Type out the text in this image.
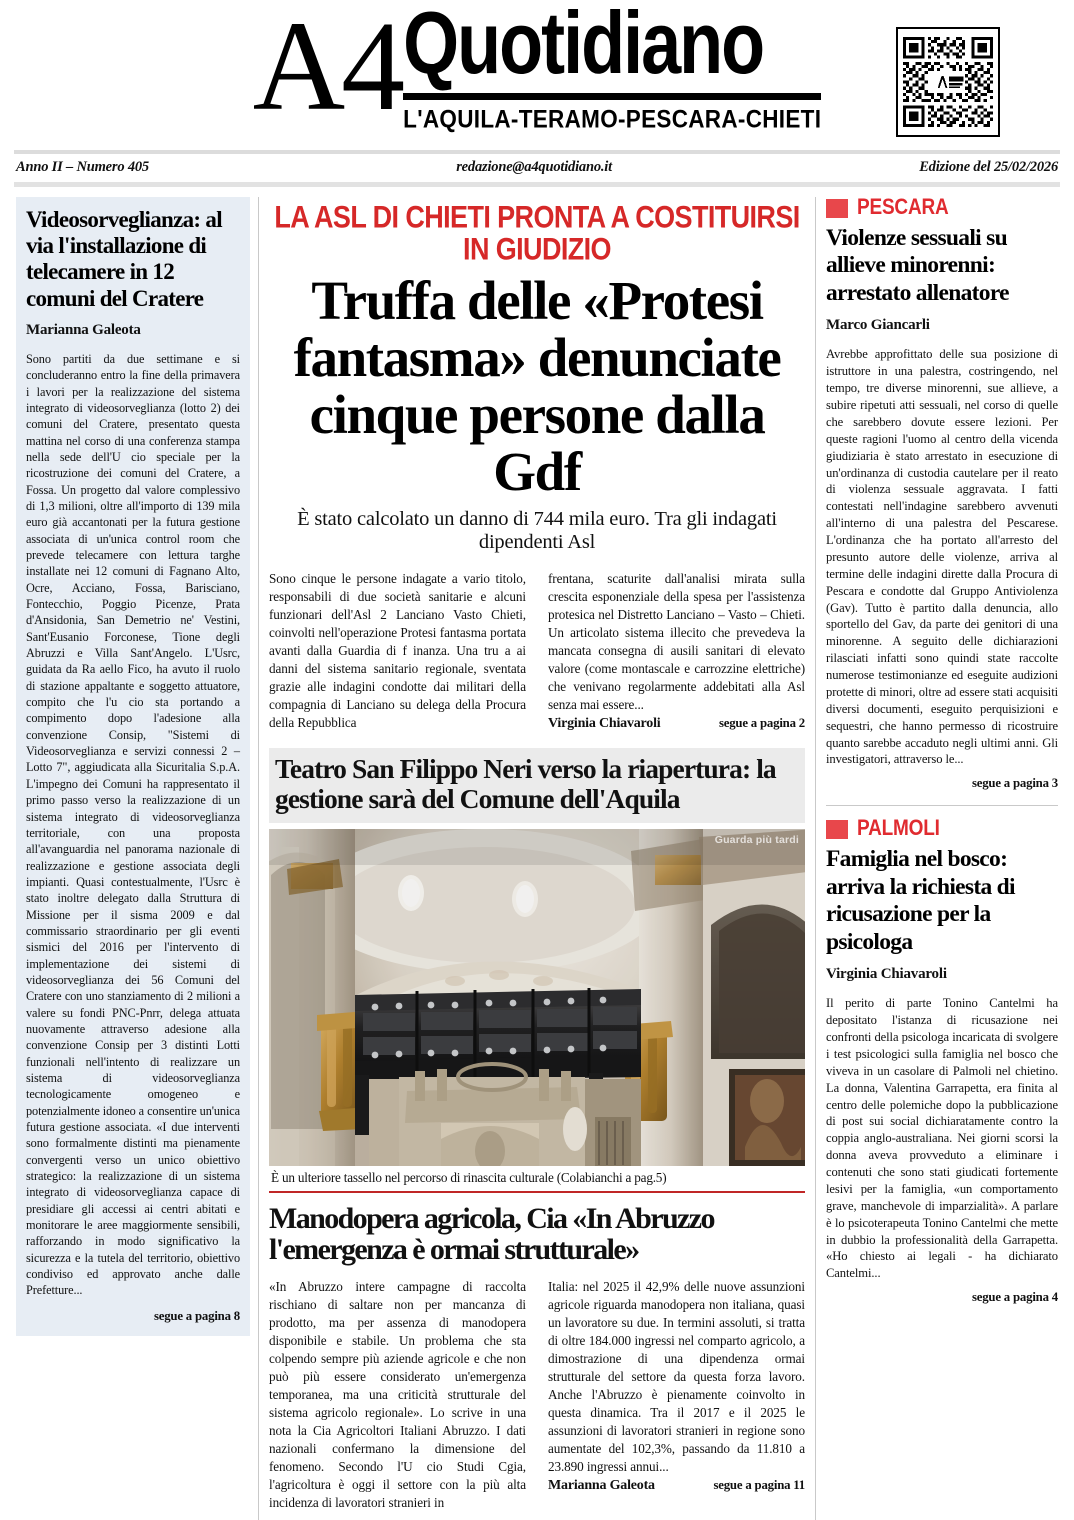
A4 Quotidiano
L'AQUILA-TERAMO-PESCARA-CHIETI
Anno II – Numero 405	redazione@a4quotidiano.it	Edizione del 25/02/2026
Videosorveglianza: al via l'installazione di telecamere in 12 comuni del Cratere
Marianna Galeota
Sono partiti da due settimane e si concluderanno entro la fine della primavera i lavori per la realizzazione del sistema integrato di videosorveglianza (lotto 2) dei comuni del Cratere, presentato questa mattina nel corso di una conferenza stampa nella sede dell'U cio speciale per la ricostruzione dei comuni del Cratere, a Fossa. Un progetto dal valore complessivo di 1,3 milioni, oltre all'importo di 139 mila euro già accantonati per la futura gestione associata di un'unica control room che prevede telecamere con lettura targhe installate nei 12 comuni di Fagnano Alto, Ocre, Acciano, Fossa, Barisciano, Fontecchio, Poggio Picenze, Prata d'Ansidonia, San Demetrio ne' Vestini, Sant'Eusanio Forconese, Tione degli Abruzzi e Villa Sant'Angelo. L'Usrc, guidata da Ra aello Fico, ha avuto il ruolo di stazione appaltante e soggetto attuatore, compito che l'u cio sta portando a compimento dopo l'adesione alla convenzione Consip, "Sistemi di Videosorveglianza e servizi connessi 2 – Lotto 7", aggiudicata alla Sicuritalia S.p.A. L'impegno dei Comuni ha rappresentato il primo passo verso la realizzazione di un sistema integrato di videosorveglianza territoriale, con una proposta all'avanguardia nel panorama nazionale di realizzazione e gestione associata degli impianti. Quasi contestualmente, l'Usrc è stato inoltre delegato dalla Struttura di Missione per il sisma 2009 e dal commissario straordinario per gli eventi sismici del 2016 per l'intervento di implementazione dei sistemi di videosorveglianza dei 56 Comuni del Cratere con uno stanziamento di 2 milioni a valere su fondi PNC-Pnrr, delega attuata nuovamente attraverso adesione alla convenzione Consip per 3 distinti Lotti funzionali nell'intento di realizzare un sistema di videosorveglianza tecnologicamente omogeneo e potenzialmente idoneo a consentire un'unica futura gestione associata. «I due interventi sono formalmente distinti ma pienamente convergenti verso un unico obiettivo strategico: la realizzazione di un sistema integrato di videosorveglianza capace di presidiare gli accessi ai centri abitati e monitorare le aree maggiormente sensibili, rafforzando in modo significativo la sicurezza e la tutela del territorio, obiettivo condiviso ed approvato anche dalle Prefetture...
segue a pagina 8
LA ASL DI CHIETI PRONTA A COSTITUIRSI IN GIUDIZIO
Truffa delle «Protesi fantasma» denunciate cinque persone dalla Gdf
È stato calcolato un danno di 744 mila euro. Tra gli indagati dipendenti Asl
Sono cinque le persone indagate a vario titolo, responsabili di due società sanitarie e alcuni funzionari dell'Asl 2 Lanciano Vasto Chieti, coinvolti nell'operazione Protesi fantasma portata avanti dalla Guardia di f inanza. Una tru a ai danni del sistema sanitario regionale, sventata grazie alle indagini condotte dai militari della compagnia di Lanciano su delega della Procura della Repubblica
frentana, scaturite dall'analisi mirata sulla crescita esponenziale della spesa per l'assistenza protesica nel Distretto Lanciano – Vasto – Chieti. Un articolato sistema illecito che prevedeva la mancata consegna di ausili sanitari di elevato valore (come montascale e carrozzine elettriche) che venivano regolarmente addebitati alla Asl senza mai essere...
Virginia Chiavaroli	segue a pagina 2
Teatro San Filippo Neri verso la riapertura: la gestione sarà del Comune dell'Aquila
Guarda più tardi
È un ulteriore tassello nel percorso di rinascita culturale (Colabianchi a pag.5)
Manodopera agricola, Cia «In Abruzzo l'emergenza è ormai strutturale»
«In Abruzzo intere campagne di raccolta rischiano di saltare non per mancanza di prodotto, ma per assenza di manodopera disponibile e stabile. Un problema che sta colpendo sempre più aziende agricole e che non può più essere considerato un'emergenza temporanea, ma una criticità strutturale del sistema agricolo regionale». Lo scrive in una nota la Cia Agricoltori Italiani Abruzzo. I dati nazionali confermano la dimensione del fenomeno. Secondo l'U cio Studi Cgia, l'agricoltura è oggi il settore con la più alta incidenza di lavoratori stranieri in
Italia: nel 2025 il 42,9% delle nuove assunzioni agricole riguarda manodopera non italiana, quasi un lavoratore su due. In termini assoluti, si tratta di oltre 184.000 ingressi nel comparto agricolo, a dimostrazione di una dipendenza ormai strutturale del settore da questa forza lavoro. Anche l'Abruzzo è pienamente coinvolto in questa dinamica. Tra il 2017 e il 2025 le assunzioni di lavoratori stranieri in regione sono aumentate del 102,3%, passando da 11.810 a 23.890 ingressi annui...
Marianna Galeota	segue a pagina 11
PESCARA
Violenze sessuali su allieve minorenni: arrestato allenatore
Marco Giancarli
Avrebbe approfittato delle sua posizione di istruttore in una palestra, costringendo, nel tempo, tre diverse minorenni, sue allieve, a subire ripetuti atti sessuali, nel corso di quelle che sarebbero dovute essere lezioni. Per queste ragioni l'uomo al centro della vicenda giudiziaria è stato arrestato in esecuzione di un'ordinanza di custodia cautelare per il reato di violenza sessuale aggravata. I fatti contestati nell'indagine sarebbero avvenuti all'interno di una palestra del Pescarese. L'ordinanza che ha portato all'arresto del presunto autore delle violenze, arriva al termine delle indagini dirette dalla Procura di Pescara e condotte dal Gruppo Antiviolenza (Gav). Tutto è partito dalla denuncia, allo sportello del Gav, da parte dei genitori di una minorenne. A seguito delle dichiarazioni rilasciati infatti sono quindi state raccolte numerose testimonianze ed eseguite audizioni protette di minori, oltre ad essere stati acquisiti diversi documenti, eseguito perquisizioni e sequestri, che hanno permesso di ricostruire quanto sarebbe accaduto negli ultimi anni. Gli investigatori, attraverso le...
segue a pagina 3
PALMOLI
Famiglia nel bosco: arriva la richiesta di ricusazione per la psicologa
Virginia Chiavaroli
Il perito di parte Tonino Cantelmi ha depositato l'istanza di ricusazione nei confronti della psicologa incaricata di svolgere i test psicologici sulla famiglia nel bosco che viveva in un casolare di Palmoli nel chietino. La donna, Valentina Garrapetta, era finita al centro delle polemiche dopo la pubblicazione di post sui social dichiaratamente contro la coppia anglo-australiana. Nei giorni scorsi la donna aveva provveduto a eliminare i contenuti che sono stati giudicati fortemente lesivi per la famiglia, «un comportamento grave, manchevole di imparzialità». A parlare è lo psicoterapeuta Tonino Cantelmi che mette in dubbio la professionalità della Garrapetta. «Ho chiesto ai legali - ha dichiarato Cantelmi...
segue a pagina 4
